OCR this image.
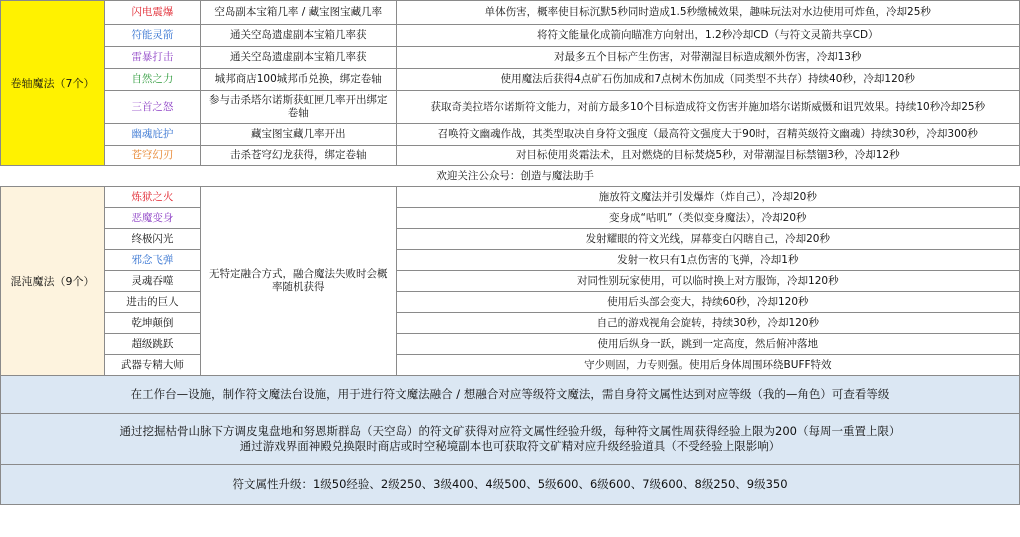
卷轴魔法（7个）	闪电震爆	空岛副本宝箱几率 / 藏宝图宝藏几率	单体伤害，概率使目标沉默5秒同时造成1.5秒缴械效果，趣味玩法对水边使用可炸鱼，冷却25秒
	符能灵箭	通关空岛遗虚副本宝箱几率获	将符文能量化成箭向瞄准方向射出，1.2秒冷却CD（与符文灵箭共享CD）
	雷暴打击	通关空岛遗虚副本宝箱几率获	对最多五个目标产生伤害，对带潮湿目标造成额外伤害，冷却13秒
	自然之力	城邦商店100城邦币兑换，绑定卷轴	使用魔法后获得4点矿石伤加成和7点树木伤加成（同类型不共存）持续40秒，冷却120秒
	三首之怒	参与击杀塔尔诺斯获虹匣几率开出绑定卷轴	获取奇美拉塔尔诺斯符文能力，对前方最多10个目标造成符文伤害并施加塔尔诺斯威慑和诅咒效果。持续10秒冷却25秒
	幽魂庇护	藏宝图宝藏几率开出	召唤符文幽魂作战，其类型取决自身符文强度（最高符文强度大于90时，召精英级符文幽魂）持续30秒，冷却300秒
	苍穹幻刃	击杀苍穹幻龙获得，绑定卷轴	对目标使用炎霜法术，且对燃烧的目标焚烧5秒，对带潮湿目标禁锢3秒，冷却12秒
		欢迎关注公众号：创造与魔法助手	
混沌魔法（9个）	炼狱之火	无特定融合方式，融合魔法失败时会概率随机获得	施放符文魔法并引发爆炸（炸自己），冷却20秒
	恶魔变身		变身成“咕叽”（类似变身魔法），冷却20秒
	终极闪光		发射耀眼的符文光线，屏幕变白闪瞎自己，冷却20秒
	邪念飞弹		发射一枚只有1点伤害的飞弹，冷却1秒
	灵魂吞噬		对同性别玩家使用，可以临时换上对方服饰，冷却120秒
	进击的巨人		使用后头部会变大，持续60秒，冷却120秒
	乾坤颠倒		自己的游戏视角会旋转，持续30秒，冷却120秒
	超级跳跃		使用后纵身一跃，跳到一定高度，然后俯冲落地
	武器专精大师		守少则固，力专则强。使用后身体周围环绕BUFF特效
在工作台—设施，制作符文魔法台设施，用于进行符文魔法融合 / 想融合对应等级符文魔法，需自身符文属性达到对应等级（我的—角色）可查看等级			

通过挖掘枯骨山脉下方调皮鬼盘地和努恩斯群岛（天空岛）的符文矿获得对应符文属性经验升级，每种符文属性周获得经验上限为200（每周一重置上限）
通过游戏界面神殿兑换限时商店或时空秘境副本也可获取符文矿精对应升级经验道具（不受经验上限影响）			

符文属性升级：1级50经验、2级250、3级400、4级500、5级600、6级600、7级600、8级250、9级350			
